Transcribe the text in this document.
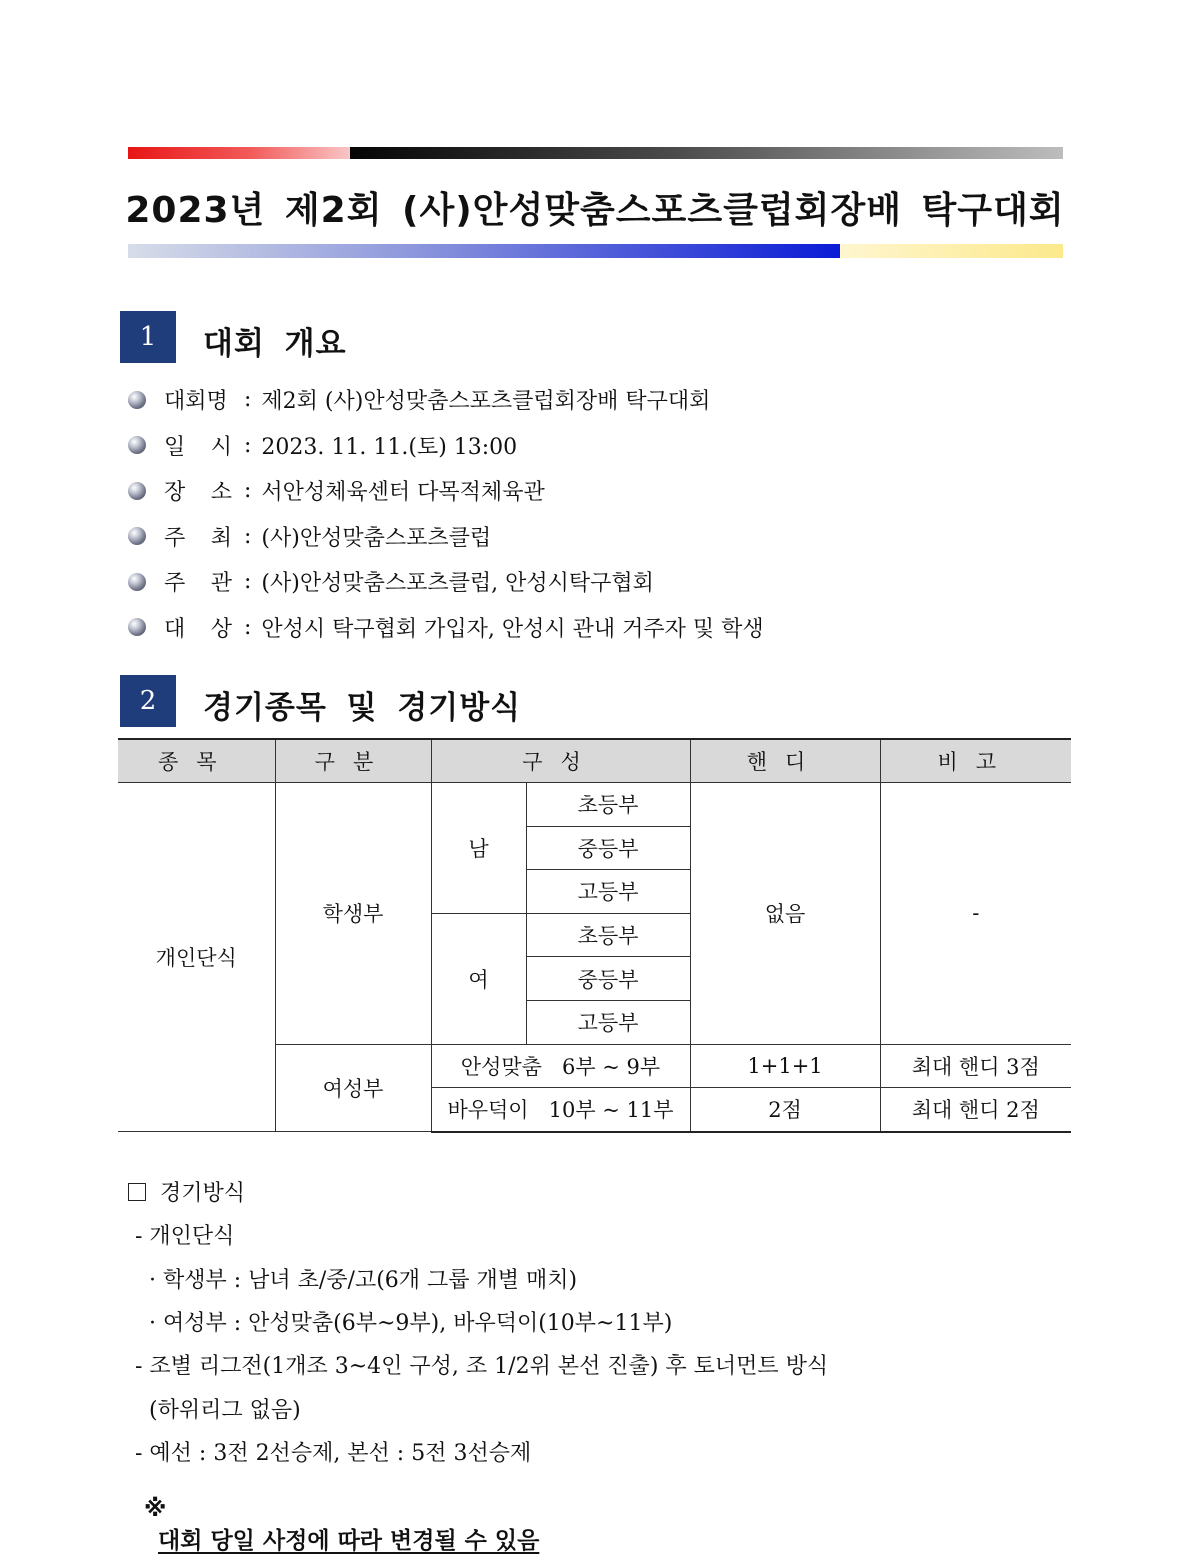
2023년 제2회 (사)안성맞춤스포츠클럽회장배 탁구대회
1	대회 개요
대회명 : 제2회 (사)안성맞춤스포츠클럽회장배 탁구대회
일 시 : 2023. 11. 11.(토) 13:00
장 소 : 서안성체육센터 다목적체육관
주 최 : (사)안성맞춤스포츠클럽
주 관 : (사)안성맞춤스포츠클럽, 안성시탁구협회
대 상 : 안성시 탁구협회 가입자, 안성시 관내 거주자 및 학생
2	경기종목 및 경기방식
종목	구분	구성		핸디	비고
개인단식	학생부	남	초등부	없음	-
			중등부		
			고등부		
		여	초등부		
			중등부		
			고등부		
	여성부	안성맞춤   6부 ~ 9부		1+1+1	최대 핸디 3점
		바우덕이   10부 ~ 11부		2점	최대 핸디 2점
경기방식
- 개인단식
· 학생부 : 남녀 초/중/고(6개 그룹 개별 매치)
· 여성부 : 안성맞춤(6부~9부), 바우덕이(10부~11부)
- 조별 리그전(1개조 3~4인 구성, 조 1/2위 본선 진출) 후 토너먼트 방식
(하위리그 없음)
- 예선 : 3전 2선승제, 본선 : 5전 3선승제

※
대회 당일 사정에 따라 변경될 수 있음
